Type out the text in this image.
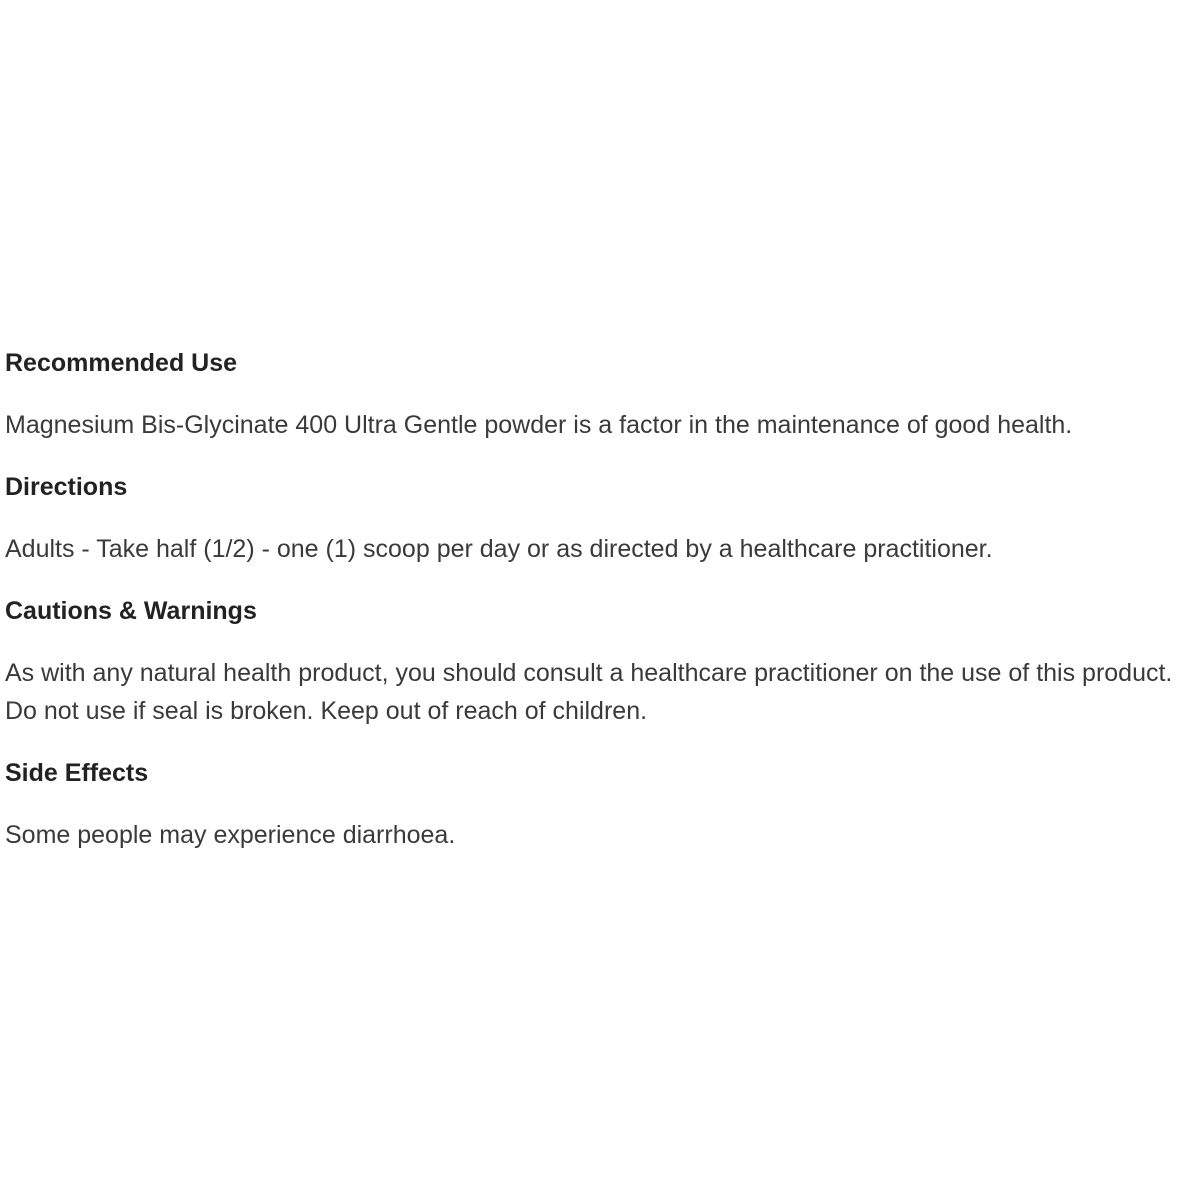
Recommended Use
Magnesium Bis-Glycinate 400 Ultra Gentle powder is a factor in the maintenance of good health.
Directions
Adults - Take half (1/2) - one (1) scoop per day or as directed by a healthcare practitioner.
Cautions & Warnings
As with any natural health product, you should consult a healthcare practitioner on the use of this product. Do not use if seal is broken. Keep out of reach of children.
Side Effects
Some people may experience diarrhoea.
